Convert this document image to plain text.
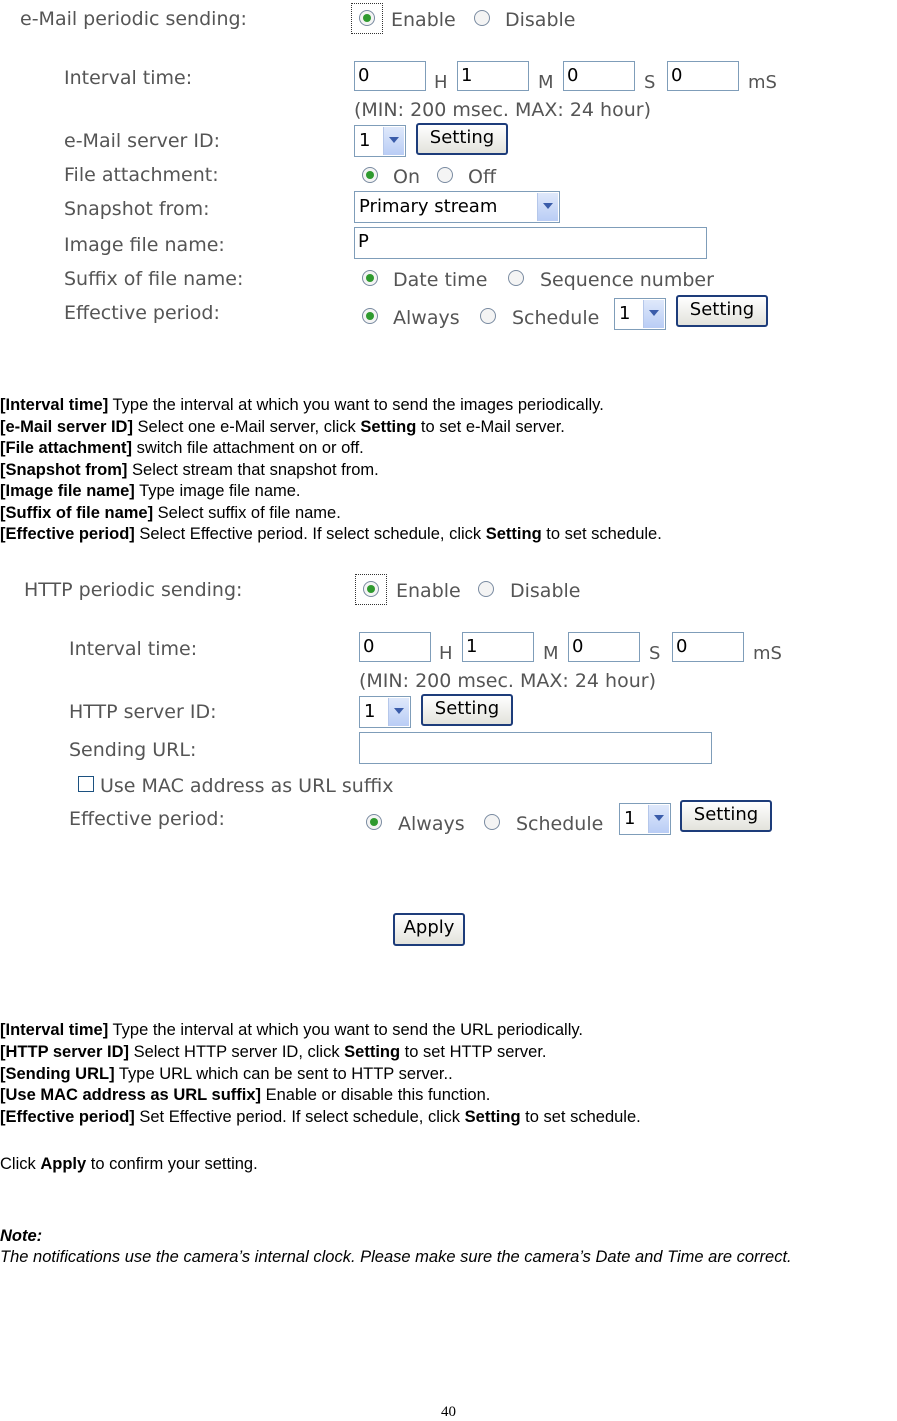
e-Mail periodic sending:	Enable	Disable
Interval time:	0	H 1	M 0	S 0	mS
(MIN: 200 msec. MAX: 24 hour)
e-Mail server ID:	1	Setting
File attachment:	On	Off
Snapshot from:	Primary stream
Image file name:	P
Suffix of file name:	Date time	Sequence number
Effective period:	Always	Schedule 1	Setting
[Interval time] Type the interval at which you want to send the images periodically.
[e-Mail server ID] Select one e-Mail server, click Setting to set e-Mail server.
[File attachment] switch file attachment on or off.
[Snapshot from] Select stream that snapshot from.
[Image file name] Type image file name.
[Suffix of file name] Select suffix of file name.
[Effective period] Select Effective period. If select schedule, click Setting to set schedule.
HTTP periodic sending:	Enable	Disable
Interval time:	0	H 1	M 0	S 0	mS
(MIN: 200 msec. MAX: 24 hour)
HTTP server ID:	1	Setting
Sending URL:
Use MAC address as URL suffix
Effective period:	Always	Schedule 1	Setting
Apply
[Interval time] Type the interval at which you want to send the URL periodically.
[HTTP server ID] Select HTTP server ID, click Setting to set HTTP server.
[Sending URL] Type URL which can be sent to HTTP server..
[Use MAC address as URL suffix] Enable or disable this function.
[Effective period] Set Effective period. If select schedule, click Setting to set schedule.
Click Apply to confirm your setting.
Note:
The notifications use the camera’s internal clock. Please make sure the camera’s Date and Time are correct.
40
